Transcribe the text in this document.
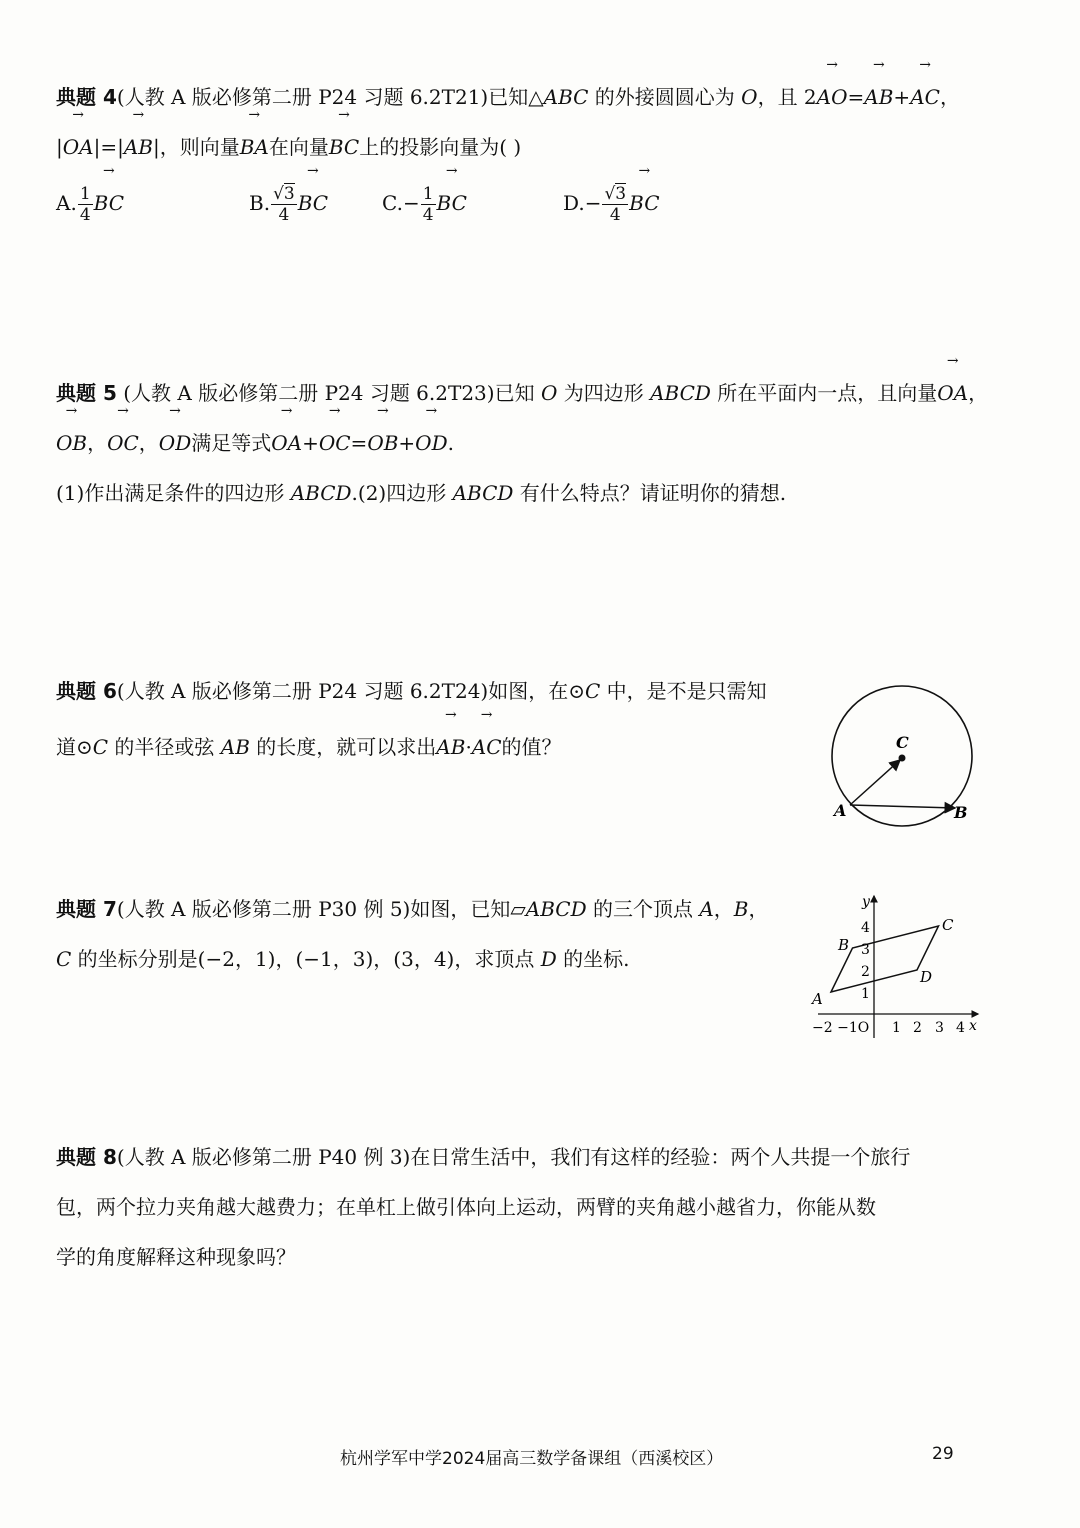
典题 4(人教 A 版必修第二册 P24 习题 6.2T21)已知△ABC 的外接圆圆心为 O，且 2→ AO=→ AB+→ AC，
|→ OA|=|→ AB|，则向量→ BA在向量→ BC上的投影向量为( )
A. $\frac{1}{4}$ → BC	B. √ $\frac{3}{4}$ → BC	$C.- \frac{1}{4}$ → BC	D.− √ $\frac{3}{4}$ → BC
典题 5 (人教 A 版必修第二册 P24 习题 6.2T23)已知 O 为四边形 ABCD 所在平面内一点，且向量→ OA，
→ OB，→ OC，→ OD满足等式→ OA+→ OC=→ OB+→ OD.
(1)作出满足条件的四边形 ABCD.(2)四边形 ABCD 有什么特点？请证明你的猜想.
典题 6(人教 A 版必修第二册 P24 习题 6.2T24)如图，在⊙C 中，是不是只需知
道⊙C 的半径或弦 AB 的长度，就可以求出→ AB·→ AC的值？	C
A	B
典题 7(人教 A 版必修第二册 P30 例 5)如图，已知▱ABCD 的三个顶点 A，B，
C 的坐标分别是(−2，1)，(−1，3)，(3，4)，求顶点 D 的坐标.
y
x
4
3
2
1
−2 −1O 1 2 3 4
A
B
C
D
典题 8(人教 A 版必修第二册 P40 例 3)在日常生活中，我们有这样的经验：两个人共提一个旅行
包，两个拉力夹角越大越费力；在单杠上做引体向上运动，两臂的夹角越小越省力，你能从数
学的角度解释这种现象吗？
杭州学军中学2024届高三数学备课组（西溪校区）	29
